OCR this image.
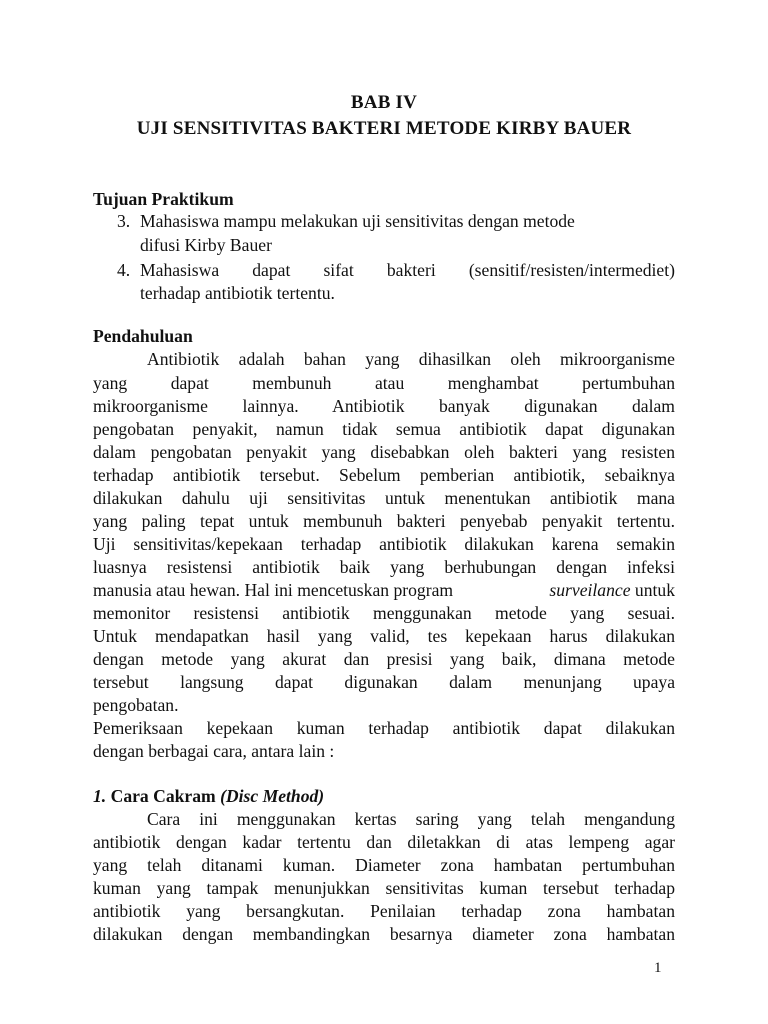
BAB IV
UJI SENSITIVITAS BAKTERI METODE KIRBY BAUER
Tujuan Praktikum
3. Mahasiswa mampu melakukan uji sensitivitas dengan metode
difusi Kirby Bauer
4. Mahasiswa dapat sifat bakteri (sensitif/resisten/intermediet)
terhadap antibiotik tertentu.
Pendahuluan
Antibiotik adalah bahan yang dihasilkan oleh mikroorganisme
yang dapat membunuh atau menghambat pertumbuhan
mikroorganisme lainnya. Antibiotik banyak digunakan dalam
pengobatan penyakit, namun tidak semua antibiotik dapat digunakan
dalam pengobatan penyakit yang disebabkan oleh bakteri yang resisten
terhadap antibiotik tersebut. Sebelum pemberian antibiotik, sebaiknya
dilakukan dahulu uji sensitivitas untuk menentukan antibiotik mana
yang paling tepat untuk membunuh bakteri penyebab penyakit tertentu.
Uji sensitivitas/kepekaan terhadap antibiotik dilakukan karena semakin
luasnya resistensi antibiotik baik yang berhubungan dengan infeksi
manusia atau hewan. Hal ini mencetuskan program	surveilance untuk
memonitor resistensi antibiotik menggunakan metode yang sesuai.
Untuk mendapatkan hasil yang valid, tes kepekaan harus dilakukan
dengan metode yang akurat dan presisi yang baik, dimana metode
tersebut langsung dapat digunakan dalam menunjang upaya
pengobatan.
Pemeriksaan kepekaan kuman terhadap antibiotik dapat dilakukan
dengan berbagai cara, antara lain :
1. Cara Cakram (Disc Method)
Cara ini menggunakan kertas saring yang telah mengandung
antibiotik dengan kadar tertentu dan diletakkan di atas lempeng agar
yang telah ditanami kuman. Diameter zona hambatan pertumbuhan
kuman yang tampak menunjukkan sensitivitas kuman tersebut terhadap
antibiotik yang bersangkutan. Penilaian terhadap zona hambatan
dilakukan dengan membandingkan besarnya diameter zona hambatan
1
